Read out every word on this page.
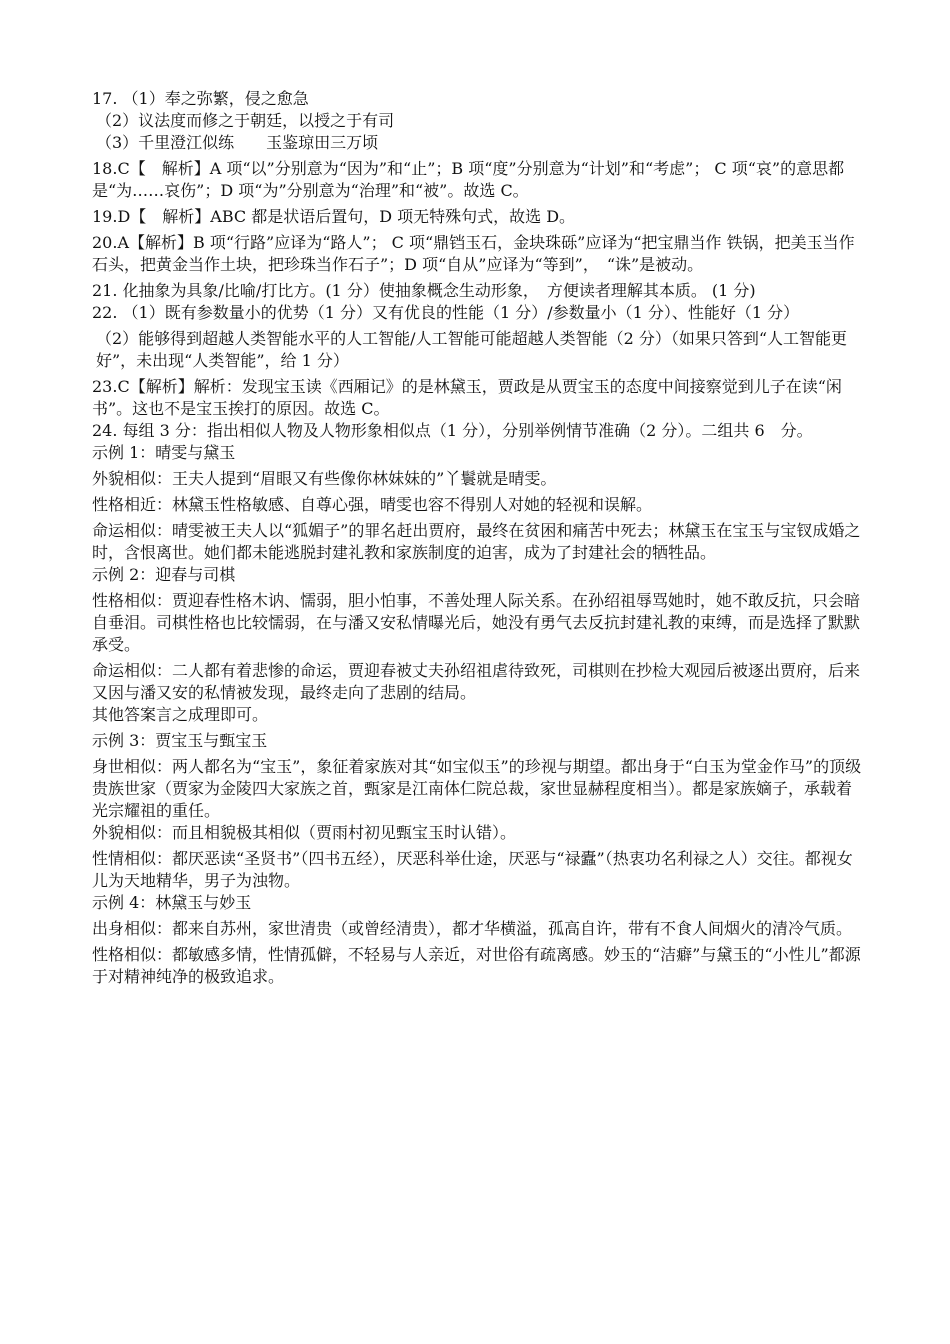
17. （1）奉之弥繁，侵之愈急

（2）议法度而修之于朝廷，以授之于有司

（3）千里澄江似练　　玉鉴琼田三万顷

18.C【　解析】A 项“以”分别意为“因为”和“止”；B 项“度”分别意为“计划”和“考虑”； C 项“哀”的意思都是“为……哀伤”；D 项“为”分别意为“治理”和“被”。故选 C。

19.D【　解析】ABC 都是状语后置句，D 项无特殊句式，故选 D。

20.A【解析】B 项“行路”应译为“路人”； C 项“鼎铛玉石，金块珠砾”应译为“把宝鼎当作 铁锅，把美玉当作石头，把黄金当作土块，把珍珠当作石子”；D 项“自从”应译为“等到”，　“诛”是被动。

21. 化抽象为具象/比喻/打比方。(1 分）使抽象概念生动形象，　方便读者理解其本质。 (1 分)

22. （1）既有参数量小的优势（1 分）又有优良的性能（1 分）/参数量小（1 分）、性能好（1 分）

（2）能够得到超越人类智能水平的人工智能/人工智能可能超越人类智能（2 分）（如果只答到“人工智能更好”，未出现“人类智能”，给 1 分）

23.C【解析】解析：发现宝玉读《西厢记》的是林黛玉，贾政是从贾宝玉的态度中间接察觉到儿子在读“闲书”。这也不是宝玉挨打的原因。故选 C。

24. 每组 3 分：指出相似人物及人物形象相似点（1 分），分别举例情节准确（2 分）。二组共 6　分。

示例 1：晴雯与黛玉

外貌相似：王夫人提到“眉眼又有些像你林妹妹的”丫鬟就是晴雯。

性格相近：林黛玉性格敏感、自尊心强，晴雯也容不得别人对她的轻视和误解。

命运相似：晴雯被王夫人以“狐媚子”的罪名赶出贾府，最终在贫困和痛苦中死去；林黛玉在宝玉与宝钗成婚之时，含恨离世。她们都未能逃脱封建礼教和家族制度的迫害，成为了封建社会的牺牲品。

示例 2：迎春与司棋

性格相似：贾迎春性格木讷、懦弱，胆小怕事，不善处理人际关系。在孙绍祖辱骂她时，她不敢反抗，只会暗自垂泪。司棋性格也比较懦弱，在与潘又安私情曝光后，她没有勇气去反抗封建礼教的束缚，而是选择了默默承受。

命运相似：二人都有着悲惨的命运，贾迎春被丈夫孙绍祖虐待致死，司棋则在抄检大观园后被逐出贾府，后来又因与潘又安的私情被发现，最终走向了悲剧的结局。

其他答案言之成理即可。

示例 3：贾宝玉与甄宝玉

身世相似：两人都名为“宝玉”，象征着家族对其“如宝似玉”的珍视与期望。都出身于“白玉为堂金作马”的顶级贵族世家（贾家为金陵四大家族之首，甄家是江南体仁院总裁，家世显赫程度相当）。都是家族嫡子，承载着光宗耀祖的重任。

外貌相似：而且相貌极其相似（贾雨村初见甄宝玉时认错）。

性情相似：都厌恶读“圣贤书”（四书五经），厌恶科举仕途，厌恶与“禄蠹”（热衷功名利禄之人）交往。都视女儿为天地精华，男子为浊物。

示例 4：林黛玉与妙玉

出身相似：都来自苏州，家世清贵（或曾经清贵），都才华横溢，孤高自许，带有不食人间烟火的清冷气质。

性格相似：都敏感多情，性情孤僻，不轻易与人亲近，对世俗有疏离感。妙玉的“洁癖”与黛玉的“小性儿”都源于对精神纯净的极致追求。
